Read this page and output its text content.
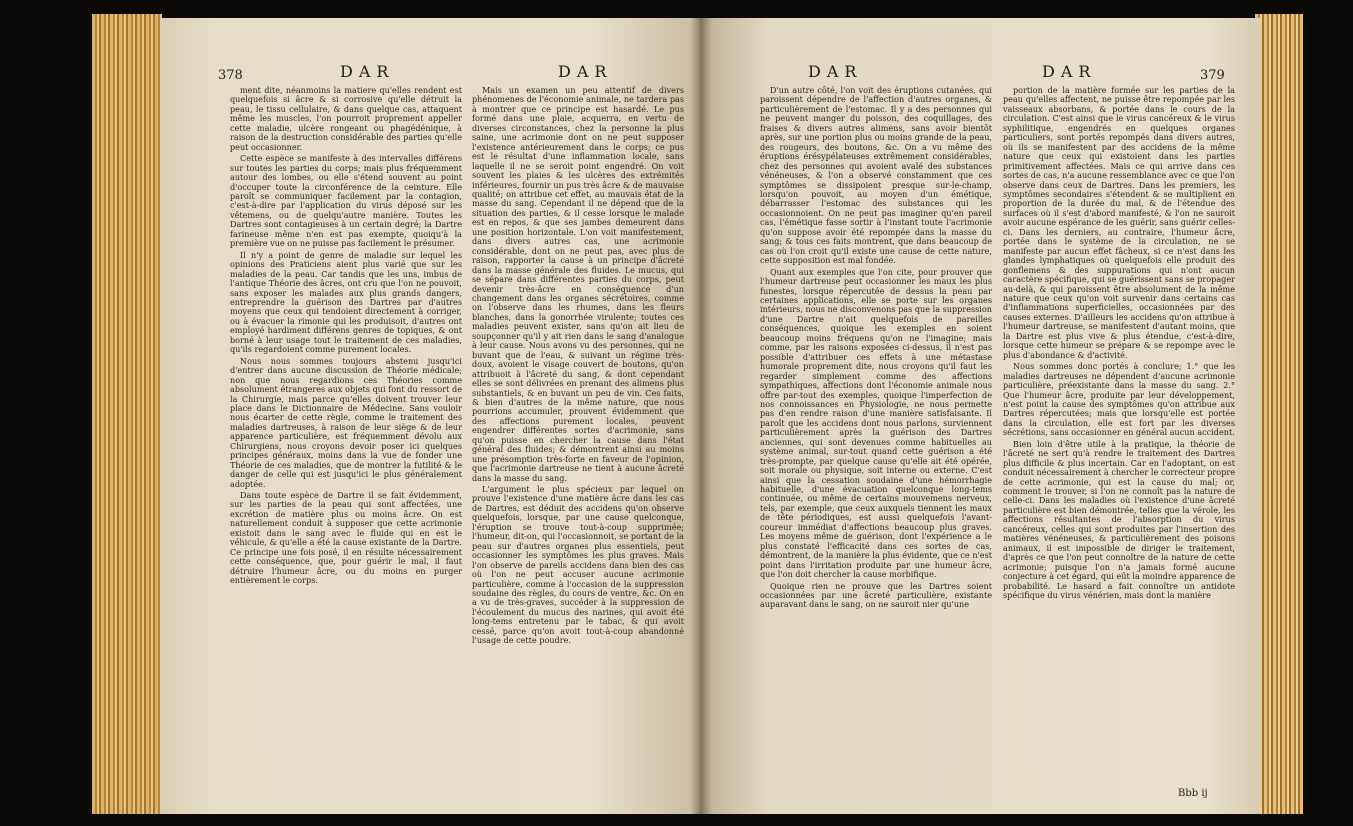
378	DAR	DAR

ment dite, néanmoins la matiere qu'elles rendent est quelquefois si âcre & si corrosive qu'elle détruit la peau, le tissu cellulaire, & dans quelque cas, attaquent même les muscles, l'on pourroit proprement appeller cette maladie, ulcère rongeant ou phagédénique, à raison de la destruction considérable des parties qu'elle peut occasionner.

Cette espèce se manifeste à des intervalles différens sur toutes les parties du corps; mais plus fréquemment autour des lombes, ou elle s'étend souvent au point d'occuper toute la circonférence de la ceinture. Elle paroît se communiquer facilement par la contagion, c'est-à-dire par l'application du virus déposé sur les vêtemens, ou de quelqu'autre manière. Toutes les Dartres sont contagieuses à un certain degré; la Dartre farineuse même n'en est pas exempte, quoiqu'à la première vue on ne puisse pas facilement le présumer.

Il n'y a point de genre de maladie sur lequel les opinions des Praticiens aient plus varié que sur les maladies de la peau. Car tandis que les uns, imbus de l'antique Théorie des âcres, ont cru que l'on ne pouvoit, sans exposer les malades aux plus grands dangers, entreprendre la guérison des Dartres par d'autres moyens que ceux qui tendoient directement à corriger, ou à évacuer la rimonie qui les produisoit, d'autres ont employé hardiment différens genres de topiques, & ont borné à leur usage tout le traitement de ces maladies, qu'ils regardoient comme purement locales.

Nous nous sommes toujours abstenu jusqu'ici d'entrer dans aucune discussion de Théorie médicale; non que nous regardions ces Théories comme absolument étrangeres aux objets qui font du ressort de la Chirurgie, mais parce qu'elles doivent trouver leur place dans le Dictionnaire de Médecine. Sans vouloir nous écarter de cette règle, comme le traitement des maladies dartreuses, à raison de leur siège & de leur apparence particulière, est fréquemment dévolu aux Chirurgiens, nous croyons devoir poser ici quelques principes généraux, moins dans la vue de fonder une Théorie de ces maladies, que de montrer la futilité & le danger de celle qui est jusqu'ici le plus généralement adoptée.

Dans toute espèce de Dartre il se fait évidemment, sur les parties de la peau qui sont affectées, une excrétion de matière plus ou moins âcre. On est naturellement conduit à supposer que cette acrimonie existoit dans le sang avec le fluide qui en est le véhicule, & qu'elle a été la cause existante de la Dartre. Ce principe une fois posé, il en résulte nécessairement cette conséquence, que, pour guérir le mal, il faut détruire l'humeur âcre, ou du moins en purger entièrement le corps.

Mais un examen un peu attentif de divers phénomenes de l'économie animale, ne tardera pas à montrer que ce principe est hasardé. Le pus formé dans une plaie, acquerra, en vertu de diverses circonstances, chez la personne la plus saine, une acrimonie dont on ne peut supposer l'existence antérieurement dans le corps; ce pus est le résultat d'une inflammation locale, sans laquelle il ne se seroit point engendré. On voit souvent les plaies & les ulcères des extrémités inférieures, fournir un pus très âcre & de mauvaise qualité; on attribue cet effet, au mauvais état de la masse du sang. Cependant il ne dépend que de la situation des parties, & il cesse lorsque le malade est en repos, & que ses jambes demeurent dans une position horizontale. L'on voit manifestement, dans divers autres cas, une acrimonie considérable, dont on ne peut pas, avec plus de raison, rapporter la cause à un principe d'âcreté dans la masse générale des fluides. Le mucus, qui se sépare dans différentes parties du corps, peut devenir très-âcre en conséquence d'un changement dans les organes sécrétoires, comme on l'observe dans les rhumes, dans les fleurs blanches, dans la gonorrhée virulente; toutes ces maladies peuvent exister, sans qu'on ait lieu de soupçonner qu'il y ait rien dans le sang d'analogue à leur cause. Nous avons vu des personnes, qui ne buvant que de l'eau, & suivant un régime très-doux, avoient le visage couvert de boutons, qu'on attribuoit à l'âcreté du sang, & dont cependant elles se sont délivrées en prenant des alimens plus substantiels, & en buvant un peu de vin. Ces faits, & bien d'autres de la même nature, que nous pourrions accumuler, prouvent évidemment que des affections purement locales, peuvent engendrer différentes sortes d'acrimonie, sans qu'on puisse en chercher la cause dans l'état général des fluides; & démontrent ainsi au moins une présomption très-forte en faveur de l'opinion, que l'acrimonie dartreuse ne tient à aucune âcreté dans la masse du sang.

L'argument le plus spécieux par lequel on prouve l'existence d'une matière âcre dans les cas de Dartres, est déduit des accidens qu'on observe quelquefois, lorsque, par une cause quelconque, l'éruption se trouve tout-à-coup supprimée; l'humeur, dit-on, qui l'occasionnoit, se portant de la peau sur d'autres organes plus essentiels, peut occasionner les symptômes les plus graves. Mais l'on observe de pareils accidens dans bien des cas où l'on ne peut accuser aucune acrimonie particulière, comme à l'occasion de la suppression soudaine des règles, du cours de ventre, &c. On en a vu de très-graves, succéder à la suppression de l'écoulement du mucus des narines, qui avoit été long-tems entretenu par le tabac, & qui avoit cessé, parce qu'on avoit tout-à-coup abandonné l'usage de cette poudre.

DAR	DAR	379

D'un autre côté, l'on voit des éruptions cutanées, qui paroissent dépendre de l'affection d'autres organes, & particulièrement de l'estomac. Il y a des personnes qui ne peuvent manger du poisson, des coquillages, des fraises & divers autres alimens, sans avoir bientôt après, sur une portion plus ou moins grande de la peau, des rougeurs, des boutons, &c. On a vu même des éruptions érésypélateuses extrêmement considérables, chez des personnes qui avoient avalé des substances vénéneuses, & l'on a observé constamment que ces symptômes se dissipoient presque sur-le-champ, lorsqu'on pouvoit, au moyen d'un émétique, débarrasser l'estomac des substances qui les occasionnoient. On ne peut pas imaginer qu'en pareil cas, l'émétique fasse sortir à l'instant toute l'acrimonie qu'on suppose avoir été repompée dans la masse du sang; & tous ces faits montrent, que dans beaucoup de cas où l'on croit qu'il existe une cause de cette nature, cette supposition est mal fondée.

Quant aux exemples que l'on cite, pour prouver que l'humeur dartreuse peut occasionner les maux les plus funestes, lorsque répercutée de dessus la peau par certaines applications, elle se porte sur les organes intérieurs, nous ne disconvenons pas que la suppression d'une Dartre n'ait quelquefois de pareilles conséquences, quoique les exemples en soient beaucoup moins fréquens qu'on ne l'imagine; mais comme, par les raisons exposées ci-dessus, il n'est pas possible d'attribuer ces effets à une métastase humorale proprement dite, nous croyons qu'il faut les regarder simplement comme des affections sympathiques, affections dont l'économie animale nous offre par-tout des exemples, quoique l'imperfection de nos connoissances en Physiologie, ne nous permette pas d'en rendre raison d'une manière satisfaisante. Il paroît que les accidens dont nous parlons, surviennent particulièrement après la guérison des Dartres anciennes, qui sont devenues comme habituelles au système animal, sur-tout quand cette guérison a été très-prompte, par quelque cause qu'elle ait été opérée, soit morale ou physique, soit interne ou externe. C'est ainsi que la cessation soudaine d'une hémorrhagie habituelle, d'une évacuation quelconque long-tems continuée, ou même de certains mouvemens nerveux, tels, par exemple, que ceux auxquels tiennent les maux de tête périodiques, est aussi quelquefois l'avant-coureur immédiat d'affections beaucoup plus graves. Les moyens même de guérison, dont l'expérience a le plus constaté l'efficacité dans ces sortes de cas, démontrent, de la manière la plus évidente, que ce n'est point dans l'irritation produite par une humeur âcre, que l'on doit chercher la cause morbifique.

Quoique rien ne prouve que les Dartres soient occasionnées par une âcreté particulière, existante auparavant dans le sang, on ne sauroit nier qu'une

portion de la matière formée sur les parties de la peau qu'elles affectent, ne puisse être repompée par les vaisseaux absorbans, & portée dans le cours de la circulation. C'est ainsi que le virus cancéreux & le virus syphilitique, engendrés en quelques organes particuliers, sont portés repompés dans divers autres, où ils se manifestent par des accidens de la même nature que ceux qui existoient dans les parties primitivement affectées. Mais ce qui arrive dans ces sortes de cas, n'a aucune ressemblance avec ce que l'on observe dans ceux de Dartres. Dans les premiers, les symptômes secondaires s'étendent & se multiplient en proportion de la durée du mal, & de l'étendue des surfaces où il s'est d'abord manifesté, & l'on ne sauroit avoir aucune espérance de les guérir, sans guérir celles-ci. Dans les derniers, au contraire, l'humeur âcre, portée dans le système de la circulation, ne se manifeste par aucun effet fâcheux, si ce n'est dans les glandes lymphatiques où quelquefois elle produit des gonflemens & des suppurations qui n'ont aucun caractère spécifique, qui se guérissent sans se propager au-delà, & qui paroissent être absolument de la même nature que ceux qu'on voit survenir dans certains cas d'inflammations superficielles, occasionnées par des causes externes. D'ailleurs les accidens qu'on attribue à l'humeur dartreuse, se manifestent d'autant moins, que la Dartre est plus vive & plus étendue, c'est-à-dire, lorsque cette humeur se prépare & se repompe avec le plus d'abondance & d'activité.

Nous sommes donc portés à conclure; 1.° que les maladies dartreuses ne dépendent d'aucune acrimonie particulière, préexistante dans la masse du sang. 2.° Que l'humeur âcre, produite par leur développement, n'est point la cause des symptômes qu'on attribue aux Dartres répercutées; mais que lorsqu'elle est portée dans la circulation, elle est fort par les diverses sécrétions, sans occasionner en général aucun accident.

Bien loin d'être utile à la pratique, la théorie de l'âcreté ne sert qu'à rendre le traitement des Dartres plus difficile & plus incertain. Car en l'adoptant, on est conduit nécessairement à chercher le correcteur propre de cette acrimonie, qui est la cause du mal; or, comment le trouver, si l'on ne connoît pas la nature de celle-ci. Dans les maladies où l'existence d'une âcreté particulière est bien démontrée, telles que la vérole, les affections résultantes de l'absorption du virus cancéreux, celles qui sont produites par l'insertion des matières vénéneuses, & particulièrement des poisons animaux, il est impossible de diriger le traitement, d'après ce que l'on peut connoître de la nature de cette acrimonie; puisque l'on n'a jamais formé aucune conjecture à cet égard, qui eût la moindre apparence de probabilité. Le hasard a fait connoître un antidote spécifique du virus vénérien, mais dont la manière

Bbb ij
